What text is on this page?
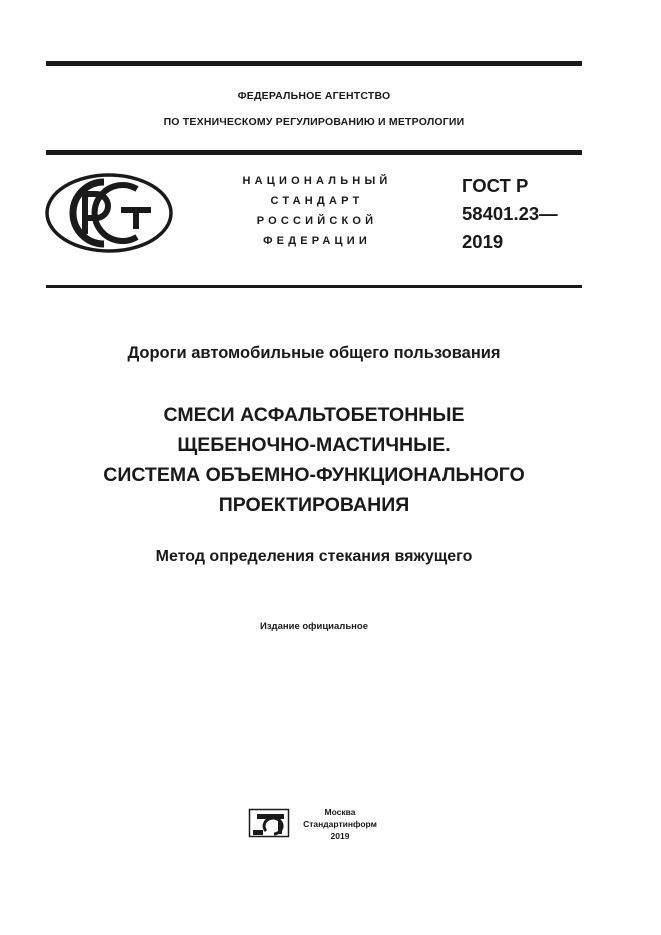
ФЕДЕРАЛЬНОЕ АГЕНТСТВО
ПО ТЕХНИЧЕСКОМУ РЕГУЛИРОВАНИЮ И МЕТРОЛОГИИ
НАЦИОНАЛЬНЫЙ
СТАНДАРТ
РОССИЙСКОЙ
ФЕДЕРАЦИИ
ГОСТ Р
58401.23—
2019
Дороги автомобильные общего пользования
СМЕСИ АСФАЛЬТОБЕТОННЫЕ
ЩЕБЕНОЧНО-МАСТИЧНЫЕ.
СИСТЕМА ОБЪЕМНО-ФУНКЦИОНАЛЬНОГО
ПРОЕКТИРОВАНИЯ
Метод определения стекания вяжущего
Издание официальное
Москва
Стандартинформ
2019
